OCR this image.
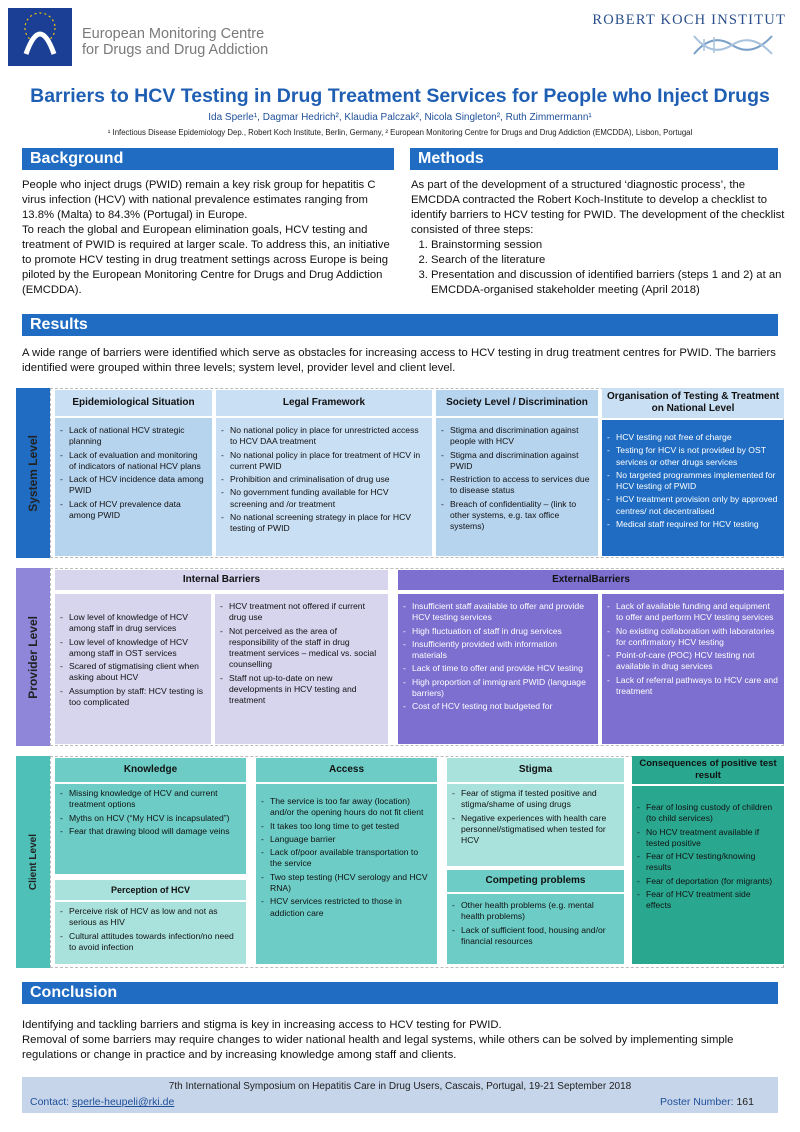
European Monitoring Centre
for Drugs and Drug Addiction
ROBERT KOCH INSTITUT
Barriers to HCV Testing in Drug Treatment Services for People who Inject Drugs
Ida Sperle¹, Dagmar Hedrich², Klaudia Palczak², Nicola Singleton², Ruth Zimmermann¹
¹ Infectious Disease Epidemiology Dep., Robert Koch Institute, Berlin, Germany, ² European Monitoring Centre for Drugs and Drug Addiction (EMCDDA), Lisbon, Portugal
Background

People who inject drugs (PWID) remain a key risk group for hepatitis C virus infection (HCV) with national prevalence estimates ranging from 13.8% (Malta) to 84.3% (Portugal) in Europe.

To reach the global and European elimination goals, HCV testing and treatment of PWID is required at larger scale. To address this, an initiative to promote HCV testing in drug treatment settings across Europe is being piloted by the European Monitoring Centre for Drugs and Drug Addiction (EMCDDA).

Methods

As part of the development of a structured ‘diagnostic process’, the EMCDDA contracted the Robert Koch-Institute to develop a checklist to identify barriers to HCV testing for PWID. The development of the checklist consisted of three steps:

1. Brainstorming session
2. Search of the literature
3. Presentation and discussion of identified barriers (steps 1 and 2) at an EMCDDA-organised stakeholder meeting (April 2018)
Results
A wide range of barriers were identified which serve as obstacles for increasing access to HCV testing in drug treatment centres for PWID. The barriers identified were grouped within three levels; system level, provider level and client level.
System Level
Epidemiological Situation
- Lack of national HCV strategic planning
- Lack of evaluation and monitoring of indicators of national HCV plans
- Lack of HCV incidence data among PWID
- Lack of HCV prevalence data among PWID
Legal Framework
- No national policy in place for unrestricted access to HCV DAA treatment
- No national policy in place for treatment of HCV in current PWID
- Prohibition and criminalisation of drug use
- No government funding available for HCV screening and /or treatment
- No national screening strategy in place for HCV testing of PWID
Society Level / Discrimination
- Stigma and discrimination against people with HCV
- Stigma and discrimination against PWID
- Restriction to access to services due to disease status
- Breach of confidentiality – (link to other systems, e.g. tax office systems)
Organisation of Testing & Treatment on National Level
- HCV testing not free of charge
- Testing for HCV is not provided by OST services or other drugs services
- No targeted programmes implemented for HCV testing of PWID
- HCV treatment provision only by approved centres/ not decentralised
- Medical staff required for HCV testing
Provider Level
Internal Barriers
- Low level of knowledge of HCV among staff in drug services
- Low level of knowledge of HCV among staff in OST services
- Scared of stigmatising client when asking about HCV
- Assumption by staff: HCV testing is too complicated
- HCV treatment not offered if current drug use
- Not perceived as the area of responsibility of the staff in drug treatment services – medical vs. social counselling
- Staff not up-to-date on new developments in HCV testing and treatment
ExternalBarriers
- Insufficient staff available to offer and provide HCV testing services
- High fluctuation of staff in drug services
- Insufficiently provided with information materials
- Lack of time to offer and provide HCV testing
- High proportion of immigrant PWID (language barriers)
- Cost of HCV testing not budgeted for
- Lack of available funding and equipment to offer and perform HCV testing services
- No existing collaboration with laboratories for confirmatory HCV testing
- Point-of-care (POC) HCV testing not available in drug services
- Lack of referral pathways to HCV care and treatment
Client Level
Knowledge
- Missing knowledge of HCV and current treatment options
- Myths on HCV (“My HCV is incapsulated”)
- Fear that drawing blood will damage veins
Perception of HCV
- Perceive risk of HCV as low and not as serious as HIV
- Cultural attitudes towards infection/no need to avoid infection
Access
- The service is too far away (location) and/or the opening hours do not fit client
- It takes too long time to get tested
- Language barrier
- Lack of/poor available transportation to the service
- Two step testing (HCV serology and HCV RNA)
- HCV services restricted to those in addiction care
Stigma
- Fear of stigma if tested positive and stigma/shame of using drugs
- Negative experiences with health care personnel/stigmatised when tested for HCV
Competing problems
- Other health problems (e.g. mental health problems)
- Lack of sufficient food, housing and/or financial resources
Consequences of positive test result
- Fear of losing custody of children (to child services)
- No HCV treatment available if tested positive
- Fear of HCV testing/knowing results
- Fear of deportation (for migrants)
- Fear of HCV treatment side effects
Conclusion

Identifying and tackling barriers and stigma is key in increasing access to HCV testing for PWID.

Removal of some barriers may require changes to wider national health and legal systems, while others can be solved by implementing simple regulations or change in practice and by increasing knowledge among staff and clients.

7th International Symposium on Hepatitis Care in Drug Users, Cascais, Portugal, 19-21 September 2018
Contact: sperle-heupeli@rki.de	Poster Number: 161
